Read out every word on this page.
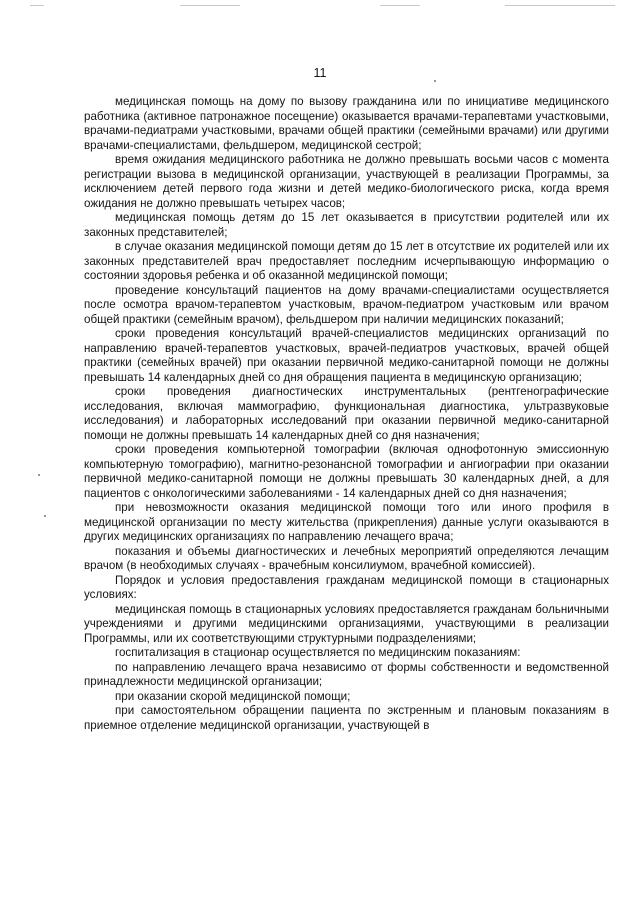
11

медицинская помощь на дому по вызову гражданина или по инициативе медицинского работника (активное патронажное посещение) оказывается врачами-терапевтами участковыми, врачами-педиатрами участковыми, врачами общей практики (семейными врачами) или другими врачами-специалистами, фельдшером, медицинской сестрой;

время ожидания медицинского работника не должно превышать восьми часов с момента регистрации вызова в медицинской организации, участвующей в реализации Программы, за исключением детей первого года жизни и детей медико-биологического риска, когда время ожидания не должно превышать четырех часов;

медицинская помощь детям до 15 лет оказывается в присутствии родителей или их законных представителей;

в случае оказания медицинской помощи детям до 15 лет в отсутствие их родителей или их законных представителей врач предоставляет последним исчерпывающую информацию о состоянии здоровья ребенка и об оказанной медицинской помощи;

проведение консультаций пациентов на дому врачами-специалистами осуществляется после осмотра врачом-терапевтом участковым, врачом-педиатром участковым или врачом общей практики (семейным врачом), фельдшером при наличии медицинских показаний;

сроки проведения консультаций врачей-специалистов медицинских организаций по направлению врачей-терапевтов участковых, врачей-педиатров участковых, врачей общей практики (семейных врачей) при оказании первичной медико-санитарной помощи не должны превышать 14 календарных дней со дня обращения пациента в медицинскую организацию;

сроки проведения диагностических инструментальных (рентгенографические исследования, включая маммографию, функциональная диагностика, ультразвуковые исследования) и лабораторных исследований при оказании первичной медико-санитарной помощи не должны превышать 14 календарных дней со дня назначения;

сроки проведения компьютерной томографии (включая однофотонную эмиссионную компьютерную томографию), магнитно-резонансной томографии и ангиографии при оказании первичной медико-санитарной помощи не должны превышать 30 календарных дней, а для пациентов с онкологическими заболеваниями - 14 календарных дней со дня назначения;

при невозможности оказания медицинской помощи того или иного профиля в медицинской организации по месту жительства (прикрепления) данные услуги оказываются в других медицинских организациях по направлению лечащего врача;

показания и объемы диагностических и лечебных мероприятий определяются лечащим врачом (в необходимых случаях - врачебным консилиумом, врачебной комиссией).

Порядок и условия предоставления гражданам медицинской помощи в стационарных условиях:

медицинская помощь в стационарных условиях предоставляется гражданам больничными учреждениями и другими медицинскими организациями, участвующими в реализации Программы, или их соответствующими структурными подразделениями;

госпитализация в стационар осуществляется по медицинским показаниям:

по направлению лечащего врача независимо от формы собственности и ведомственной принадлежности медицинской организации;

при оказании скорой медицинской помощи;

при самостоятельном обращении пациента по экстренным и плановым показаниям в приемное отделение медицинской организации, участвующей в
